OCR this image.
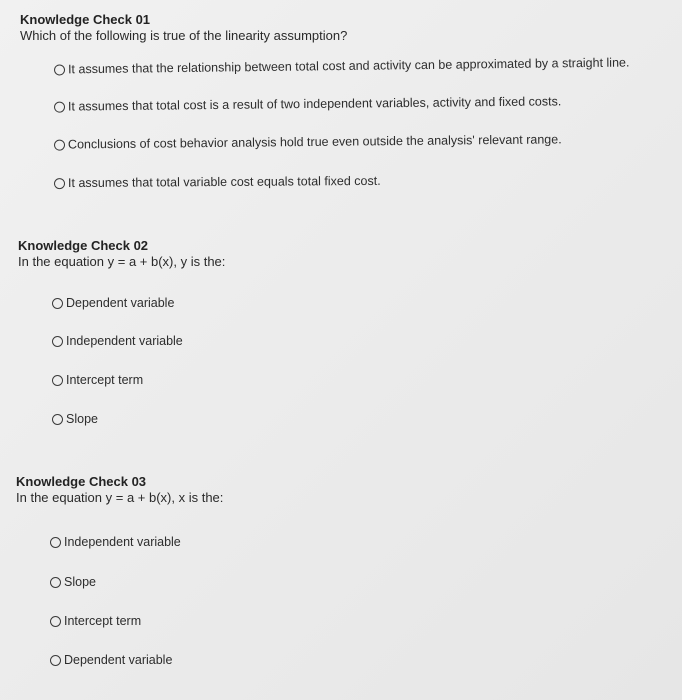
Knowledge Check 01
Which of the following is true of the linearity assumption?
It assumes that the relationship between total cost and activity can be approximated by a straight line.
It assumes that total cost is a result of two independent variables, activity and fixed costs.
Conclusions of cost behavior analysis hold true even outside the analysis' relevant range.
It assumes that total variable cost equals total fixed cost.
Knowledge Check 02
In the equation y = a + b(x), y is the:
Dependent variable
Independent variable
Intercept term
Slope
Knowledge Check 03
In the equation y = a + b(x), x is the:
Independent variable
Slope
Intercept term
Dependent variable
